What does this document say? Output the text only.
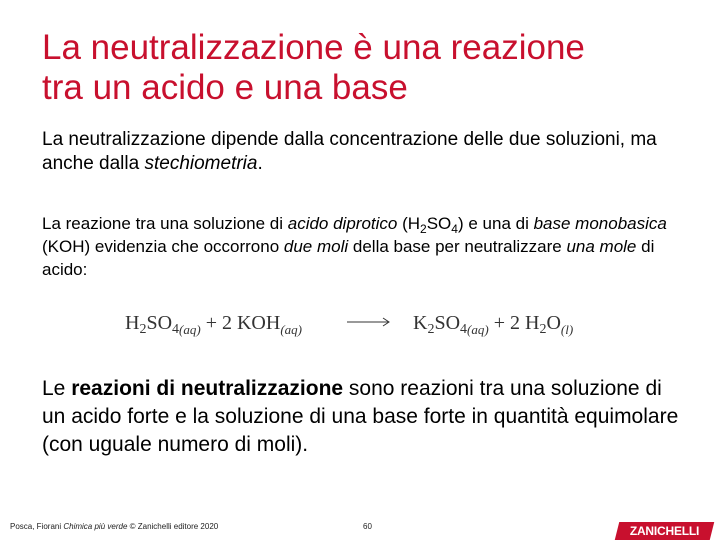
La neutralizzazione è una reazione
tra un acido e una base
La neutralizzazione dipende dalla concentrazione delle due soluzioni, ma anche dalla stechiometria.
La reazione tra una soluzione di acido diprotico $(H_2SO_4)$ e una di base monobasica (KOH) evidenzia che occorrono due moli della base per neutralizzare una mole di acido:
$H_2SO_{4(aq)} + 2$ $KOH_{(aq)} \to K_2SO_{4(aq)} + 2$ $H_2O_{(l)}$
Le reazioni di neutralizzazione sono reazioni tra una soluzione di un acido forte e la soluzione di una base forte in quantità equimolare (con uguale numero di moli).
Posca, Fiorani Chimica più verde © Zanichelli editore 2020	60	ZANICHELLI
